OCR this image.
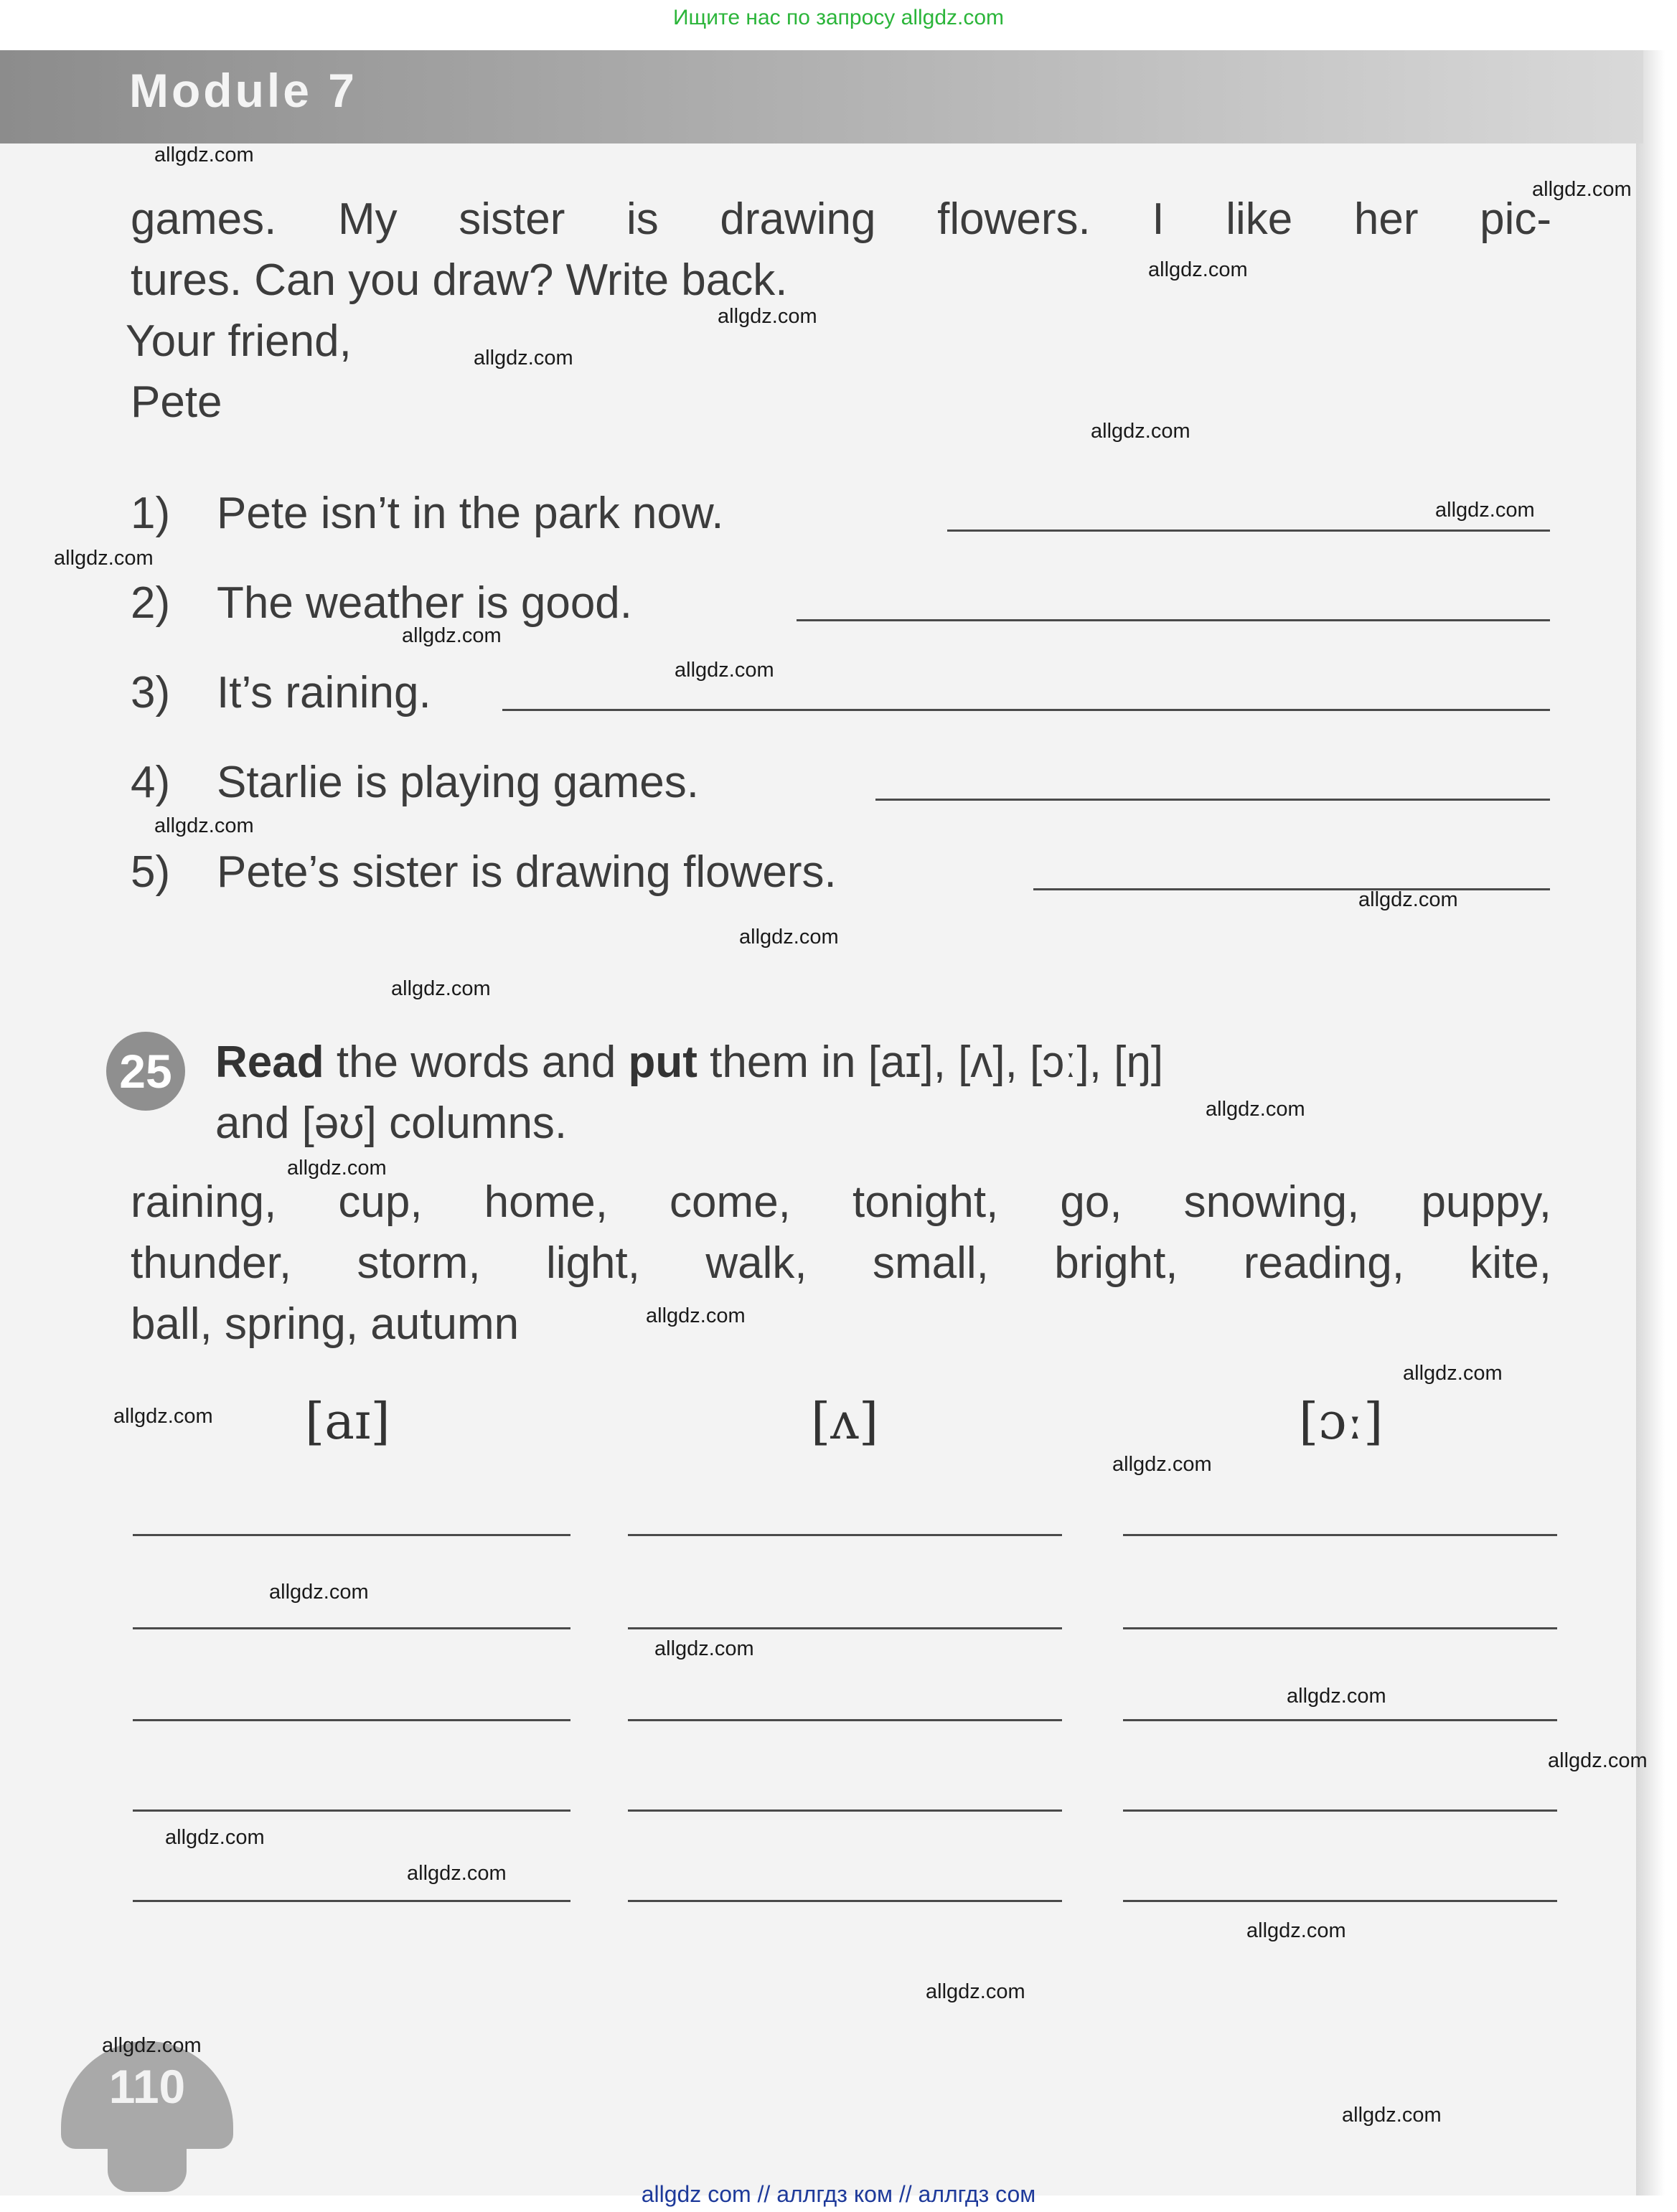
Ищите нас по запросу allgdz.com
Module 7
games. My sister is drawing flowers. I like her pic-
tures. Can you draw? Write back.
Your friend,
Pete
1) Pete isn’t in the park now.
2) The weather is good.
3) It’s raining.
4) Starlie is playing games.
5) Pete’s sister is drawing flowers.
25 Read the words and put them in [aɪ], [ʌ], [ɔː], [ŋ]
and [əʊ] columns.
raining, cup, home, come, tonight, go, snowing, puppy,
thunder, storm, light, walk, small, bright, reading, kite,
ball, spring, autumn
[aɪ]	[ʌ]	[ɔː]
110
allgdz.com
allgdz.com
allgdz.com
allgdz.com
allgdz.com
allgdz.com
allgdz.com
allgdz.com
allgdz.com
allgdz.com
allgdz.com
allgdz.com
allgdz.com
allgdz.com
allgdz.com
allgdz.com
allgdz.com
allgdz.com
allgdz.com
allgdz.com
allgdz.com
allgdz.com
allgdz.com
allgdz.com
allgdz.com
allgdz.com
allgdz.com
allgdz.com
allgdz.com
allgdz.com
allgdz com // аллгдз ком // аллгдз сом
